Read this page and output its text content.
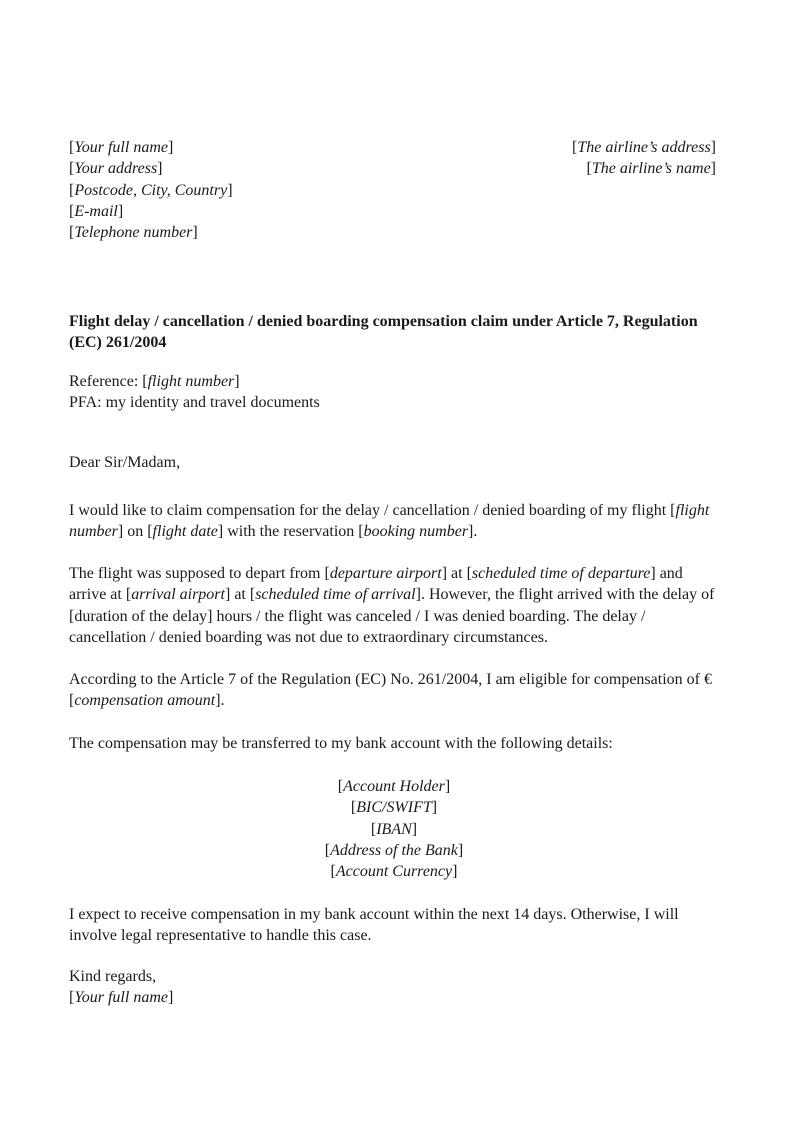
[Your full name]
[Your address]
[Postcode, City, Country]
[E-mail]
[Telephone number]
[The airline’s address]
[The airline’s name]
Flight delay / cancellation / denied boarding compensation claim under Article 7, Regulation (EC) 261/2004
Reference: [flight number]
PFA: my identity and travel documents
Dear Sir/Madam,
I would like to claim compensation for the delay / cancellation / denied boarding of my flight [flight number] on [flight date] with the reservation [booking number].
The flight was supposed to depart from [departure airport] at [scheduled time of departure] and arrive at [arrival airport] at [scheduled time of arrival]. However, the flight arrived with the delay of [duration of the delay] hours / the flight was canceled / I was denied boarding. The delay / cancellation / denied boarding was not due to extraordinary circumstances.
According to the Article 7 of the Regulation (EC) No. 261/2004, I am eligible for compensation of €[compensation amount].
The compensation may be transferred to my bank account with the following details:
[Account Holder]
[BIC/SWIFT]
[IBAN]
[Address of the Bank]
[Account Currency]
I expect to receive compensation in my bank account within the next 14 days. Otherwise, I will involve legal representative to handle this case.
Kind regards,
[Your full name]
